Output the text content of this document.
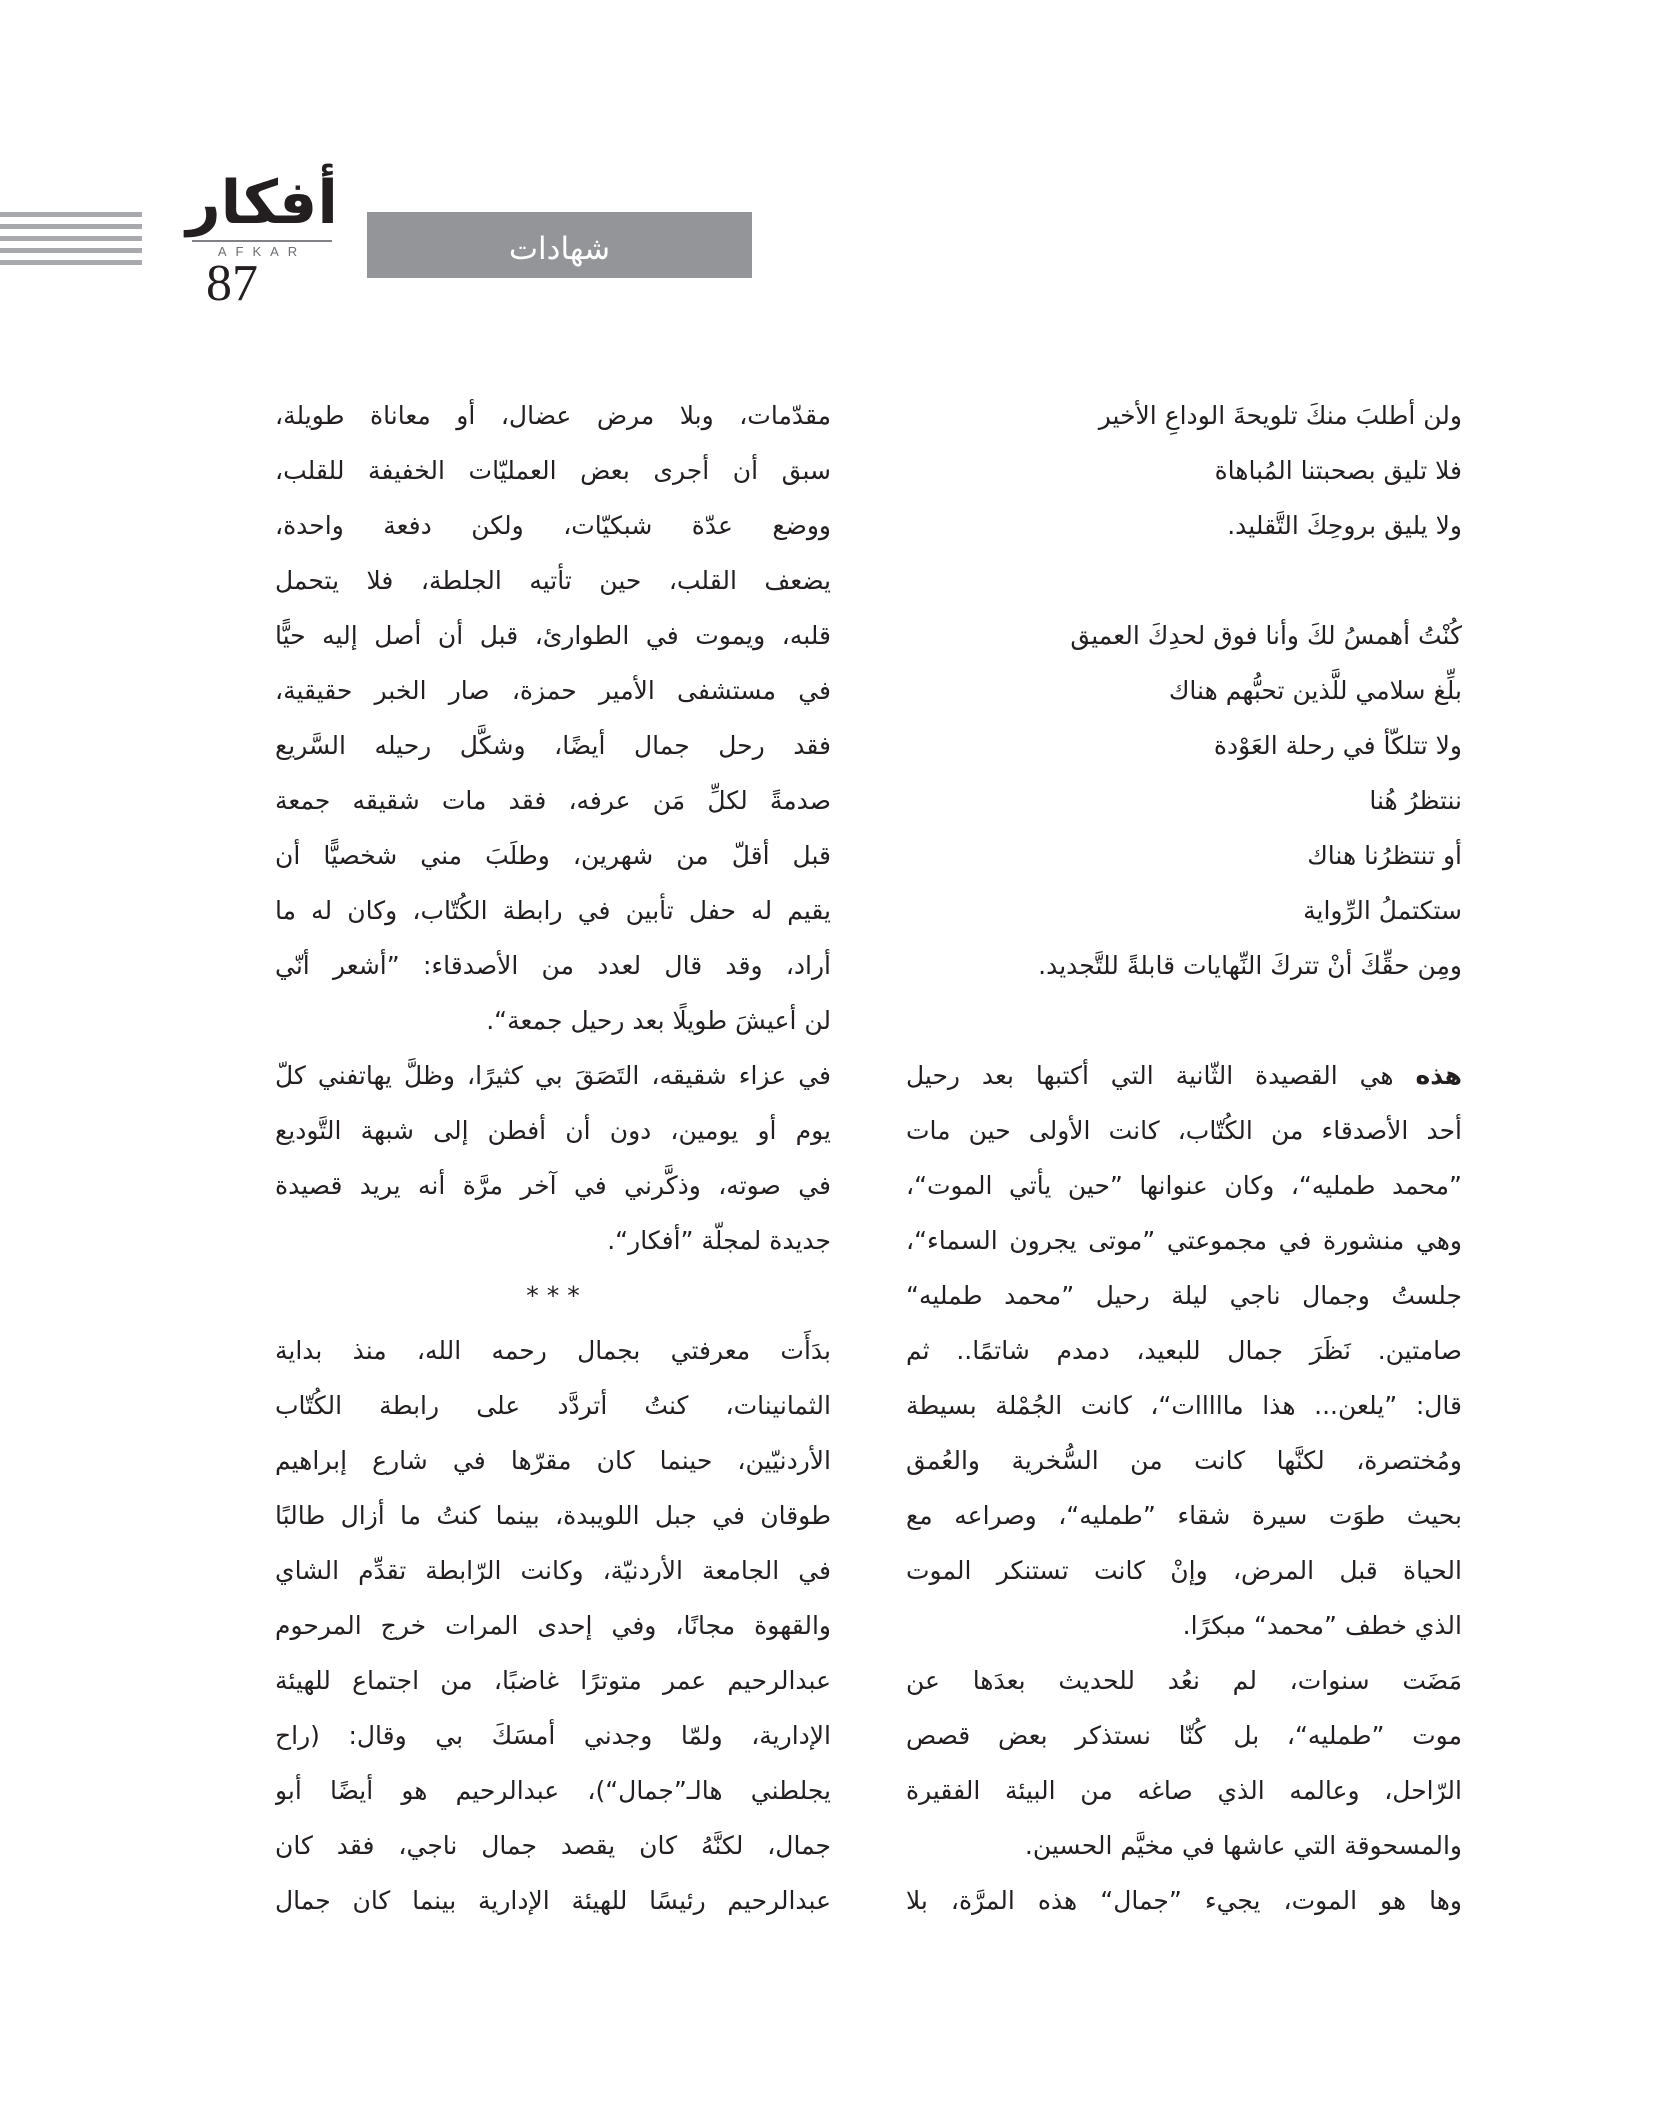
أفكار
AFKAR
87
شهادات
ولن أطلبَ منكَ تلويحةَ الوداعِ الأخير
فلا تليق بصحبتنا المُباهاة
ولا يليق بروحِكَ التَّقليد.
كُنْتُ أهمسُ لكَ وأنا فوق لحدِكَ العميق
بلِّغ سلامي للَّذين تحبُّهم هناك
ولا تتلكّأ في رحلة العَوْدة
ننتظرُ هُنا
أو تنتظرُنا هناك
ستكتملُ الرِّواية
ومِن حقِّكَ أنْ تتركَ النِّهايات قابلةً للتَّجديد.
هذه هي القصيدة الثّانية التي أكتبها بعد رحيل
أحد الأصدقاء من الكُتّاب، كانت الأولى حين مات
”محمد طمليه“، وكان عنوانها ”حين يأتي الموت“،
وهي منشورة في مجموعتي ”موتى يجرون السماء“،
جلستُ وجمال ناجي ليلة رحيل ”محمد طمليه“
صامتين. نَظَرَ جمال للبعيد، دمدم شاتمًا.. ثم
قال: ”يلعن... هذا مااااات“، كانت الجُمْلة بسيطة
ومُختصرة، لكنَّها كانت من السُّخرية والعُمق
بحيث طوَت سيرة شقاء ”طمليه“، وصراعه مع
الحياة قبل المرض، وإنْ كانت تستنكر الموت
الذي خطف ”محمد“ مبكرًا.
مَضَت سنوات، لم نعُد للحديث بعدَها عن
موت ”طمليه“، بل كُنّا نستذكر بعض قصص
الرّاحل، وعالمه الذي صاغه من البيئة الفقيرة
والمسحوقة التي عاشها في مخيَّم الحسين.
وها هو الموت، يجيء ”جمال“ هذه المرَّة، بلا
مقدّمات، وبلا مرض عضال، أو معاناة طويلة،
سبق أن أجرى بعض العمليّات الخفيفة للقلب،
ووضع عدّة شبكيّات، ولكن دفعة واحدة،
يضعف القلب، حين تأتيه الجلطة، فلا يتحمل
قلبه، ويموت في الطوارئ، قبل أن أصل إليه حيًّا
في مستشفى الأمير حمزة، صار الخبر حقيقية،
فقد رحل جمال أيضًا، وشكَّل رحيله السَّريع
صدمةً لكلِّ مَن عرفه، فقد مات شقيقه جمعة
قبل أقلّ من شهرين، وطلَبَ مني شخصيًّا أن
يقيم له حفل تأبين في رابطة الكُتّاب، وكان له ما
أراد، وقد قال لعدد من الأصدقاء: ”أشعر أنّي
لن أعيشَ طويلًا بعد رحيل جمعة“.
في عزاء شقيقه، التَصَقَ بي كثيرًا، وظلَّ يهاتفني كلّ
يوم أو يومين، دون أن أفطن إلى شبهة التَّوديع
في صوته، وذكَّرني في آخر مرَّة أنه يريد قصيدة
جديدة لمجلّة ”أفكار“.
* * *
بدَأَت معرفتي بجمال رحمه الله، منذ بداية
الثمانينات، كنتُ أتردَّد على رابطة الكُتّاب
الأردنيّين، حينما كان مقرّها في شارع إبراهيم
طوقان في جبل اللويبدة، بينما كنتُ ما أزال طالبًا
في الجامعة الأردنيّة، وكانت الرّابطة تقدِّم الشاي
والقهوة مجانًا، وفي إحدى المرات خرج المرحوم
عبدالرحيم عمر متوترًا غاضبًا، من اجتماع للهيئة
الإدارية، ولمّا وجدني أمسَكَ بي وقال: (راح
يجلطني هالـ”جمال“)، عبدالرحيم هو أيضًا أبو
جمال، لكنَّهُ كان يقصد جمال ناجي، فقد كان
عبدالرحيم رئيسًا للهيئة الإدارية بينما كان جمال
